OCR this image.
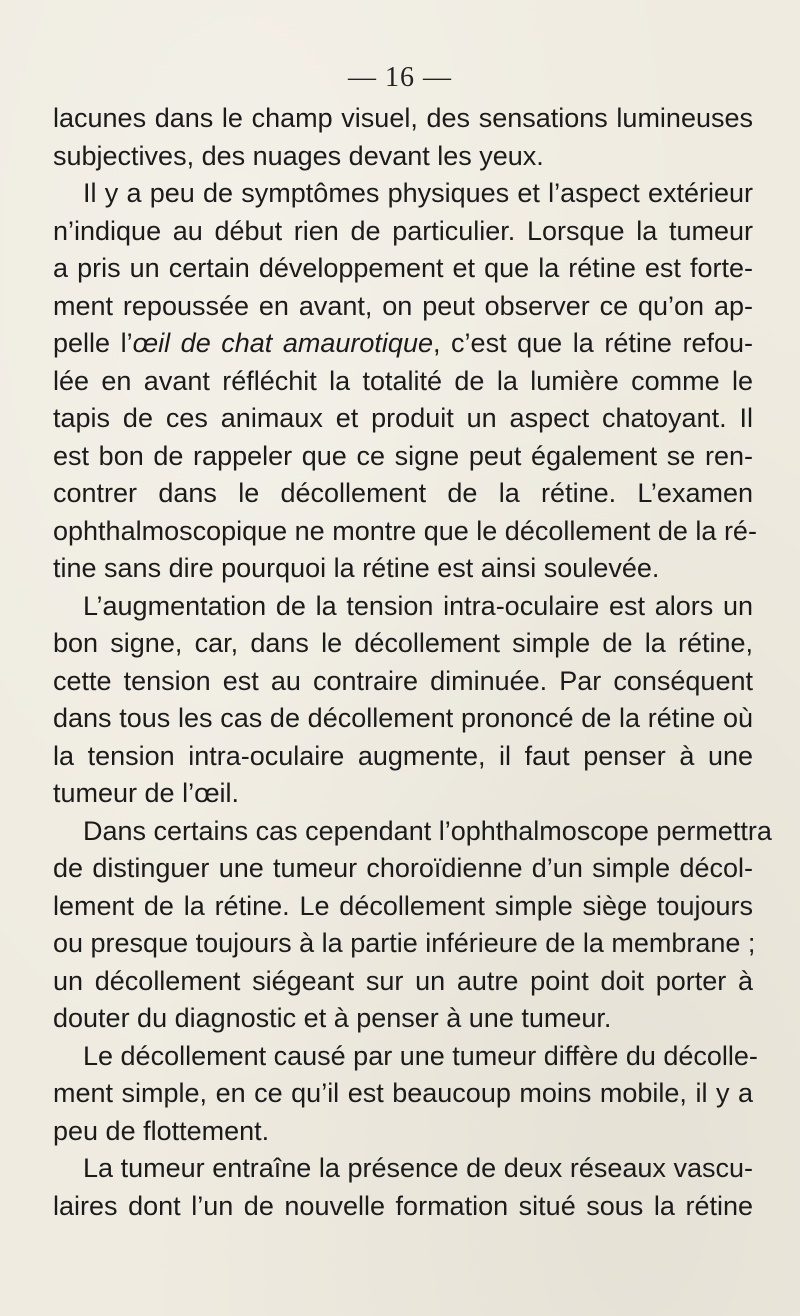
— 16 —
lacunes dans le champ visuel, des sensations lumineuses
subjectives, des nuages devant les yeux.
Il y a peu de symptômes physiques et l’aspect extérieur
n’indique au début rien de particulier. Lorsque la tumeur
a pris un certain développement et que la rétine est forte-
ment repoussée en avant, on peut observer ce qu’on ap-
pelle l’œil de chat amaurotique, c’est que la rétine refou-
lée en avant réfléchit la totalité de la lumière comme le
tapis de ces animaux et produit un aspect chatoyant. Il
est bon de rappeler que ce signe peut également se ren-
contrer dans le décollement de la rétine. L’examen
ophthalmoscopique ne montre que le décollement de la ré-
tine sans dire pourquoi la rétine est ainsi soulevée.
L’augmentation de la tension intra-oculaire est alors un
bon signe, car, dans le décollement simple de la rétine,
cette tension est au contraire diminuée. Par conséquent
dans tous les cas de décollement prononcé de la rétine où
la tension intra-oculaire augmente, il faut penser à une
tumeur de l’œil.
Dans certains cas cependant l’ophthalmoscope permettra
de distinguer une tumeur choroïdienne d’un simple décol-
lement de la rétine. Le décollement simple siège toujours
ou presque toujours à la partie inférieure de la membrane ;
un décollement siégeant sur un autre point doit porter à
douter du diagnostic et à penser à une tumeur.
Le décollement causé par une tumeur diffère du décolle-
ment simple, en ce qu’il est beaucoup moins mobile, il y a
peu de flottement.
La tumeur entraîne la présence de deux réseaux vascu-
laires dont l’un de nouvelle formation situé sous la rétine
